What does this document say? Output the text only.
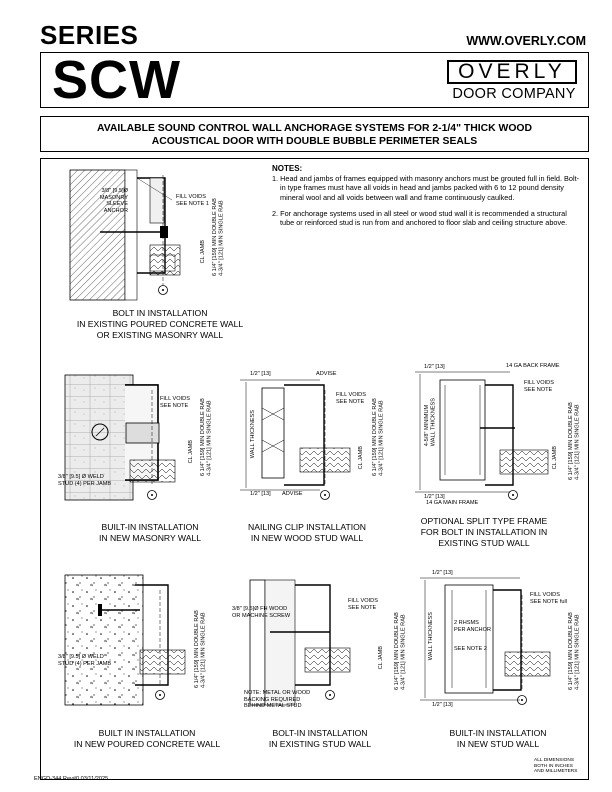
SERIES	WWW.OVERLY.COM
SCW	OVERLY
DOOR COMPANY
AVAILABLE SOUND CONTROL WALL ANCHORAGE SYSTEMS FOR 2-1/4" THICK WOOD
ACOUSTICAL DOOR WITH DOUBLE BUBBLE PERIMETER SEALS
NOTES:
1. Head and jambs of frames equipped with masonry anchors must be grouted full in field. Bolt-in type frames must have all voids in head and jambs packed with 6 to 12 pound density mineral wool and all voids between wall and frame continuously caulked.
2. For anchorage systems used in all steel or wood stud wall it is recommended a structural tube or reinforced stud is run from and anchored to floor slab and ceiling structure above.
3/8" [9.5]Ø
MASONRY
SLEEVE
ANCHOR
FILL VOIDS
SEE NOTE 1 6 1/4" [159] MIN DOUBLE RAB
4-3/4" [121] MIN SINGLE RAB
CL JAMB
BOLT IN INSTALLATION
IN EXISTING POURED CONCRETE WALL
OR EXISTING MASONRY WALL
FILL VOIDS
SEE NOTE 6 1/4" [159] MIN DOUBLE RAB
4-3/4" [121] MIN SINGLE RAB
CL JAMB
3/8" [9.5] Ø WELD
STUD (4) PER JAMB
BUILT-IN INSTALLATION
IN NEW MASONRY WALL
1/2" [13]	ADVISE
1/2" [13] ADVISE
FILL VOIDS
SEE NOTE
WALL THICKNESS	6 1/4" [159] MIN DOUBLE RAB
4-3/4" [121] MIN SINGLE RAB
CL JAMB
NAILING CLIP INSTALLATION
IN NEW WOOD STUD WALL
1/2" [13]	14 GA BACK FRAME
FILL VOIDS
SEE NOTE
4-5/8" MINIMUM
WALL THICKNESS	6 1/4" [159] MIN DOUBLE RAB
4-3/4" [121] MIN SINGLE RAB
CL JAMB
1/2" [13]
14 GA MAIN FRAME
OPTIONAL SPLIT TYPE FRAME
FOR BOLT IN INSTALLATION IN
EXISTING STUD WALL
3/8" [9.5] Ø WELD
STUD (4) PER JAMB	6 1/4" [159] MIN DOUBLE RAB
4-3/4" [121] MIN SINGLE RAB
BUILT IN INSTALLATION
IN NEW POURED CONCRETE WALL
3/8" [9.5]Ø FH WOOD
OR MACHINE SCREW
FILL VOIDS
SEE NOTE
6 1/4" [159] MIN DOUBLE RAB
4-3/4" [121] MIN SINGLE RAB
CL JAMB
NOTE: METAL OR WOOD
BACKING REQUIRED
BEHIND METAL STUD
BOLT-IN INSTALLATION
IN EXISTING STUD WALL
1/2" [13]
FILL VOIDS
SEE NOTE full
2 RHSMS
PER ANCHOR
SEE NOTE 2
WALL THICKNESS	6 1/4" [159] MIN DOUBLE RAB
4-3/4" [121] MIN SINGLE RAB
1/2" [13]
BUILT-IN INSTALLATION
IN NEW STUD WALL
ALL DIMENSIONS
BOTH IN INCHES
AND MILLIMETERS
ENGD-344 Rev#0 03/11/2025
